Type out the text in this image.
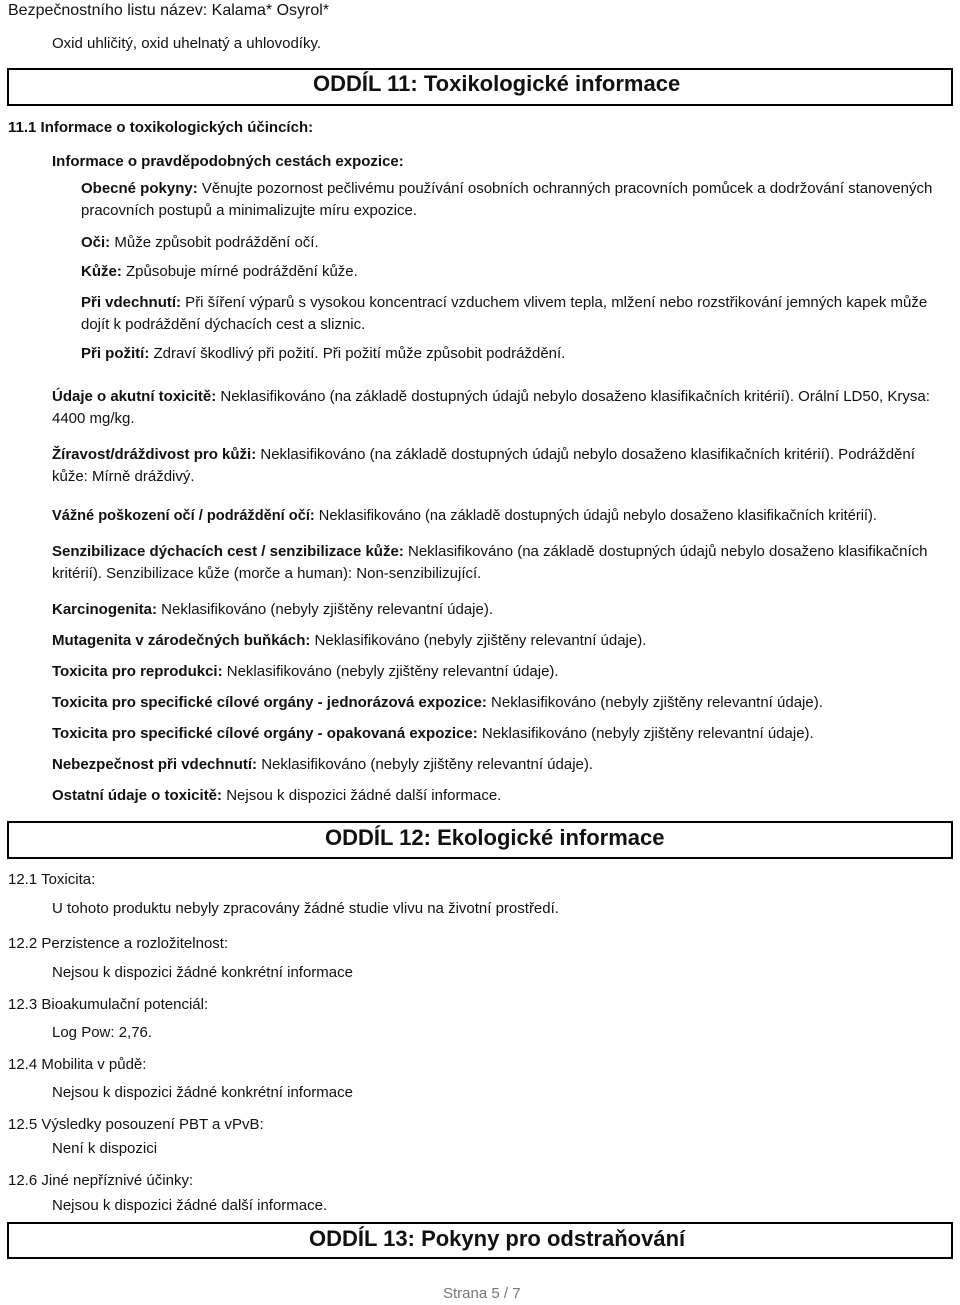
Bezpečnostního listu název: Kalama* Osyrol*
Oxid uhličitý, oxid uhelnatý a uhlovodíky.
ODDÍL 11: Toxikologické informace
11.1 Informace o toxikologických účincích:
Informace o pravděpodobných cestách expozice:
Obecné pokyny: Věnujte pozornost pečlivému používání osobních ochranných pracovních pomůcek a dodržování stanovených pracovních postupů a minimalizujte míru expozice.
Oči: Může způsobit podráždění očí.
Kůže: Způsobuje mírné podráždění kůže.
Při vdechnutí: Při šíření výparů s vysokou koncentrací vzduchem vlivem tepla, mlžení nebo rozstřikování jemných kapek může dojít k podráždění dýchacích cest a sliznic.
Při požití: Zdraví škodlivý při požití. Při požití může způsobit podráždění.
Údaje o akutní toxicitě: Neklasifikováno (na základě dostupných údajů nebylo dosaženo klasifikačních kritérií). Orální LD50, Krysa: 4400 mg/kg.
Žíravost/dráždivost pro kůži: Neklasifikováno (na základě dostupných údajů nebylo dosaženo klasifikačních kritérií). Podráždění kůže: Mírně dráždivý.
Vážné poškození očí / podráždění očí: Neklasifikováno (na základě dostupných údajů nebylo dosaženo klasifikačních kritérií).
Senzibilizace dýchacích cest / senzibilizace kůže: Neklasifikováno (na základě dostupných údajů nebylo dosaženo klasifikačních kritérií). Senzibilizace kůže (morče a human): Non-senzibilizující.
Karcinogenita: Neklasifikováno (nebyly zjištěny relevantní údaje).
Mutagenita v zárodečných buňkách: Neklasifikováno (nebyly zjištěny relevantní údaje).
Toxicita pro reprodukci: Neklasifikováno (nebyly zjištěny relevantní údaje).
Toxicita pro specifické cílové orgány - jednorázová expozice: Neklasifikováno (nebyly zjištěny relevantní údaje).
Toxicita pro specifické cílové orgány - opakovaná expozice: Neklasifikováno (nebyly zjištěny relevantní údaje).
Nebezpečnost při vdechnutí: Neklasifikováno (nebyly zjištěny relevantní údaje).
Ostatní údaje o toxicitě: Nejsou k dispozici žádné další informace.
ODDÍL 12: Ekologické informace
12.1 Toxicita:
U tohoto produktu nebyly zpracovány žádné studie vlivu na životní prostředí.
12.2 Perzistence a rozložitelnost:
Nejsou k dispozici žádné konkrétní informace
12.3 Bioakumulační potenciál:
Log Pow: 2,76.
12.4 Mobilita v půdě:
Nejsou k dispozici žádné konkrétní informace
12.5 Výsledky posouzení PBT a vPvB:
Není k dispozici
12.6 Jiné nepříznivé účinky:
Nejsou k dispozici žádné další informace.
ODDÍL 13: Pokyny pro odstraňování
Strana 5 / 7
